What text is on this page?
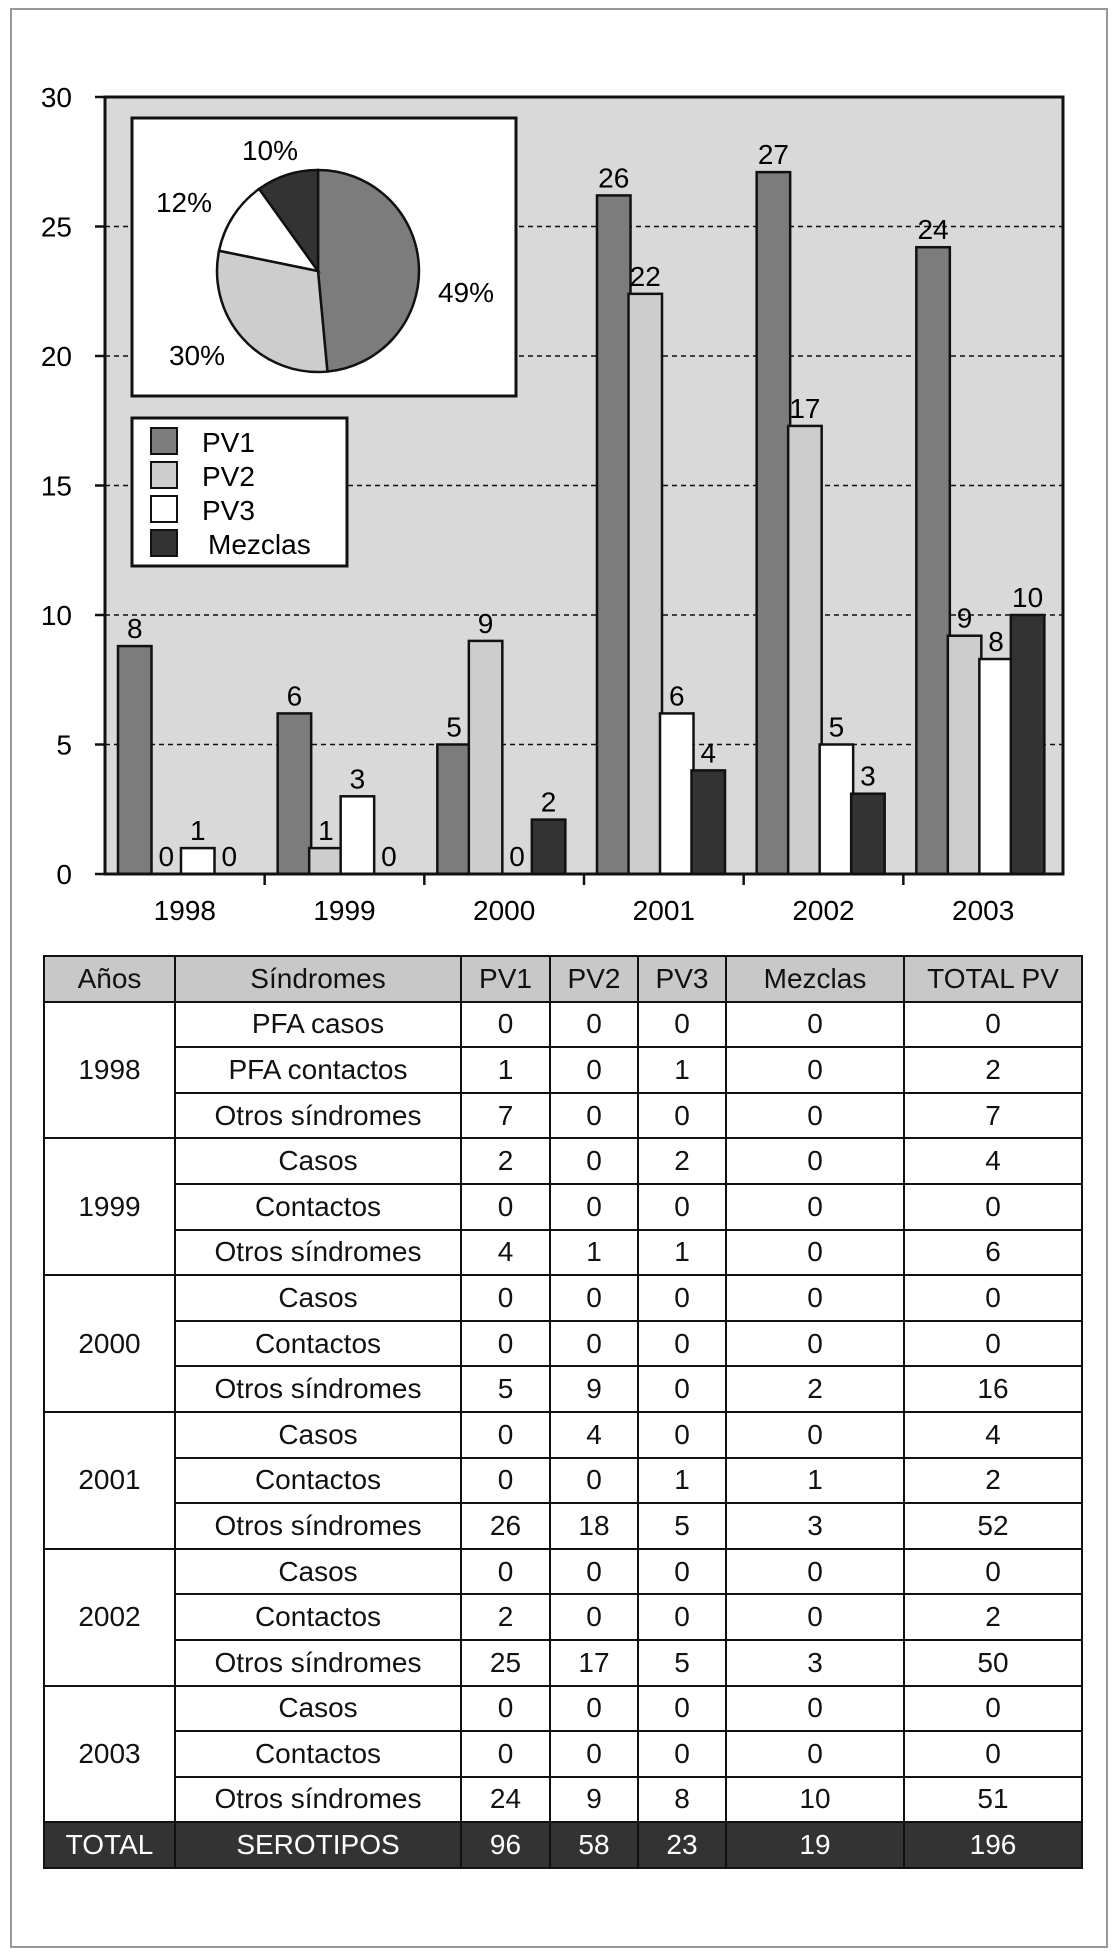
0
5
10
15
20
25
30
1998
8
0
1
0
1999
6
1
3
0
2000
5
9
0
2
2001
26
22
6
4
2002
27
17
5
3
2003
24
9
8
10
49%
30%
12%
10%
PV1
PV2
PV3
Mezclas
Años	Síndromes	PV1	PV2	PV3	Mezclas	TOTAL PV
1998	PFA casos	0	0	0	0	0
	PFA contactos	1	0	1	0	2
	Otros síndromes	7	0	0	0	7
1999	Casos	2	0	2	0	4
	Contactos	0	0	0	0	0
	Otros síndromes	4	1	1	0	6
2000	Casos	0	0	0	0	0
	Contactos	0	0	0	0	0
	Otros síndromes	5	9	0	2	16
2001	Casos	0	4	0	0	4
	Contactos	0	0	1	1	2
	Otros síndromes	26	18	5	3	52
2002	Casos	0	0	0	0	0
	Contactos	2	0	0	0	2
	Otros síndromes	25	17	5	3	50
2003	Casos	0	0	0	0	0
	Contactos	0	0	0	0	0
	Otros síndromes	24	9	8	10	51
TOTAL	SEROTIPOS	96	58	23	19	196
